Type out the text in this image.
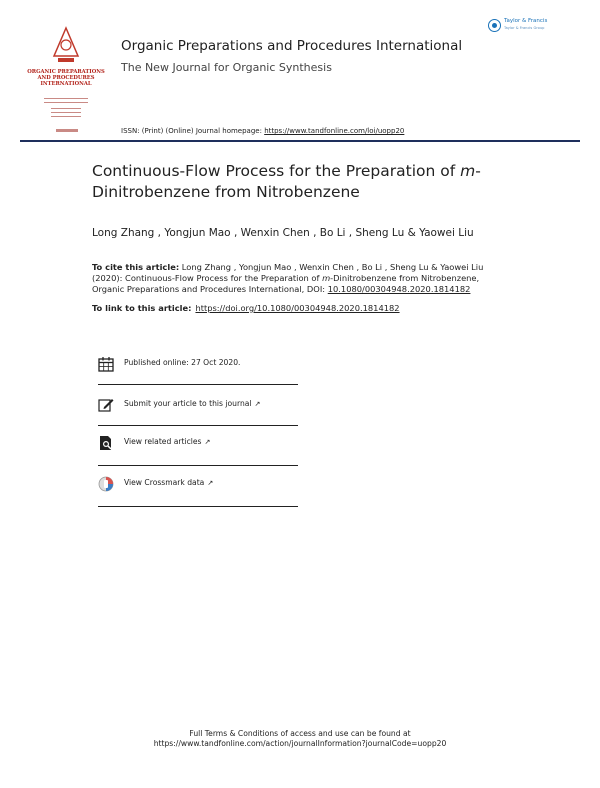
ORGANIC PREPARATIONS AND PROCEDURES INTERNATIONAL
Taylor & Francis
Taylor & Francis Group
Organic Preparations and Procedures International
The New Journal for Organic Synthesis
ISSN: (Print) (Online) Journal homepage: https://www.tandfonline.com/loi/uopp20
Continuous-Flow Process for the Preparation of m-Dinitrobenzene from Nitrobenzene
Long Zhang , Yongjun Mao , Wenxin Chen , Bo Li , Sheng Lu & Yaowei Liu
To cite this article: Long Zhang , Yongjun Mao , Wenxin Chen , Bo Li , Sheng Lu & Yaowei Liu (2020): Continuous-Flow Process for the Preparation of m-Dinitrobenzene from Nitrobenzene, Organic Preparations and Procedures International, DOI: 10.1080/00304948.2020.1814182
To link to this article: https://doi.org/10.1080/00304948.2020.1814182
Published online: 27 Oct 2020.
Submit your article to this journal ↗
View related articles ↗
View Crossmark data ↗
Full Terms & Conditions of access and use can be found at
https://www.tandfonline.com/action/journalInformation?journalCode=uopp20
